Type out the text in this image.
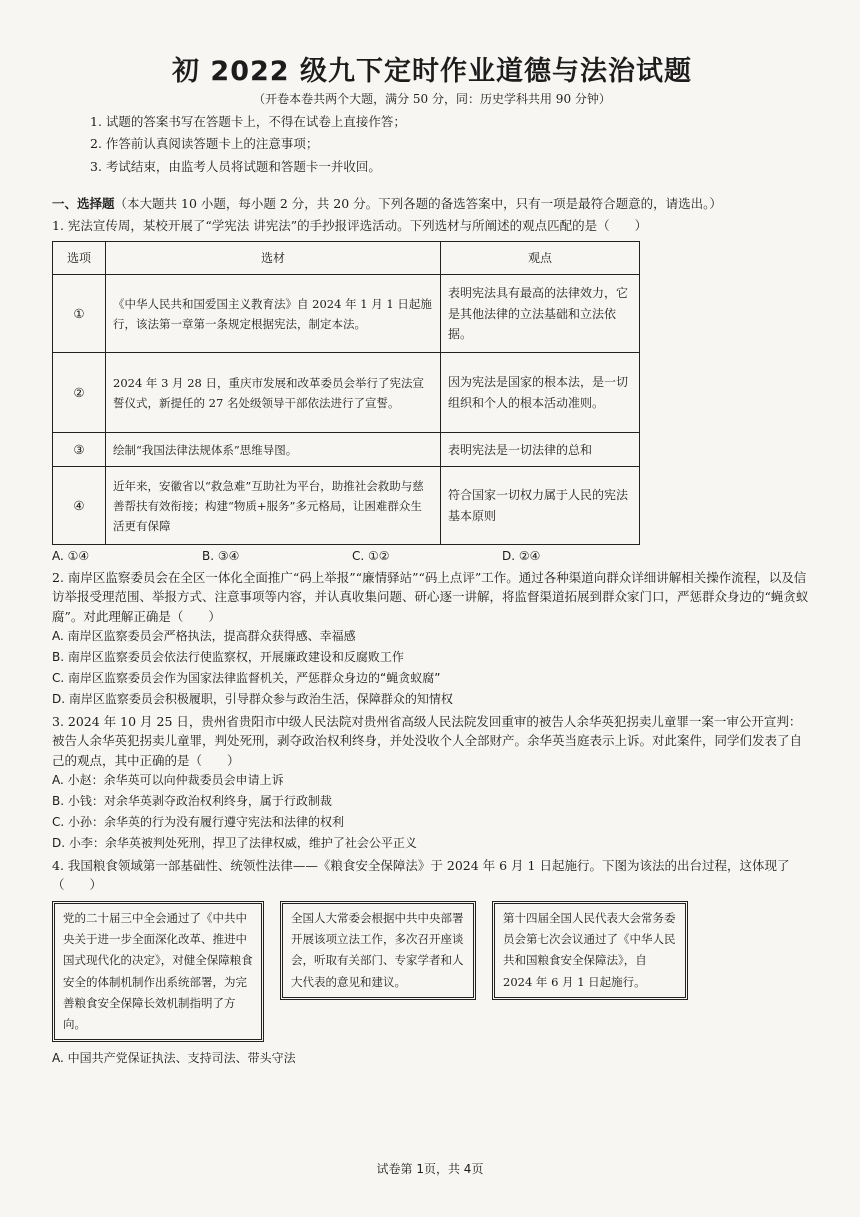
初 2022 级九下定时作业道德与法治试题
（开卷本卷共两个大题，满分 50 分，同：历史学科共用 90 分钟）
1. 试题的答案书写在答题卡上，不得在试卷上直接作答；
2. 作答前认真阅读答题卡上的注意事项；
3. 考试结束，由监考人员将试题和答题卡一并收回。
一、选择题（本大题共 10 小题，每小题 2 分，共 20 分。下列各题的备选答案中，只有一项是最符合题意的，请选出。）
1. 宪法宣传周，某校开展了“学宪法 讲宪法”的手抄报评选活动。下列选材与所阐述的观点匹配的是（　　）
选项	选材	观点
①	《中华人民共和国爱国主义教育法》自 2024 年 1 月 1 日起施行，该法第一章第一条规定根据宪法，制定本法。	表明宪法具有最高的法律效力，它是其他法律的立法基础和立法依据。
②	2024 年 3 月 28 日，重庆市发展和改革委员会举行了宪法宣誓仪式，新提任的 27 名处级领导干部依法进行了宣誓。	因为宪法是国家的根本法，是一切组织和个人的根本活动准则。
③	绘制“我国法律法规体系”思维导图。	表明宪法是一切法律的总和
④	近年来，安徽省以“救急难”互助社为平台，助推社会救助与慈善帮扶有效衔接；构建“物质+服务”多元格局，让困难群众生活更有保障	符合国家一切权力属于人民的宪法基本原则
A. ①④	B. ③④	C. ①②	D. ②④
2. 南岸区监察委员会在全区一体化全面推广“码上举报”“廉情驿站”“码上点评”工作。通过各种渠道向群众详细讲解相关操作流程，以及信访举报受理范围、举报方式、注意事项等内容，并认真收集问题、研心逐一讲解，将监督渠道拓展到群众家门口，严惩群众身边的“蝇贪蚁腐”。对此理解正确是（　　）
A. 南岸区监察委员会严格执法，提高群众获得感、幸福感
B. 南岸区监察委员会依法行使监察权，开展廉政建设和反腐败工作
C. 南岸区监察委员会作为国家法律监督机关，严惩群众身边的“蝇贪蚁腐”
D. 南岸区监察委员会积极履职，引导群众参与政治生活，保障群众的知情权
3. 2024 年 10 月 25 日，贵州省贵阳市中级人民法院对贵州省高级人民法院发回重审的被告人余华英犯拐卖儿童罪一案一审公开宣判：被告人余华英犯拐卖儿童罪，判处死刑，剥夺政治权利终身，并处没收个人全部财产。余华英当庭表示上诉。对此案件，同学们发表了自己的观点，其中正确的是（　　）
A. 小赵：余华英可以向仲裁委员会申请上诉
B. 小钱：对余华英剥夺政治权利终身，属于行政制裁
C. 小孙：余华英的行为没有履行遵守宪法和法律的权利
D. 小李：余华英被判处死刑，捍卫了法律权威，维护了社会公平正义
4. 我国粮食领域第一部基础性、统领性法律——《粮食安全保障法》于 2024 年 6 月 1 日起施行。下图为该法的出台过程，这体现了（　　）
党的二十届三中全会通过了《中共中央关于进一步全面深化改革、推进中国式现代化的决定》，对健全保障粮食安全的体制机制作出系统部署，为完善粮食安全保障长效机制指明了方向。
全国人大常委会根据中共中央部署开展该项立法工作，多次召开座谈会，听取有关部门、专家学者和人大代表的意见和建议。
第十四届全国人民代表大会常务委员会第七次会议通过了《中华人民共和国粮食安全保障法》，自 2024 年 6 月 1 日起施行。
A. 中国共产党保证执法、支持司法、带头守法
试卷第 1页，共 4页
